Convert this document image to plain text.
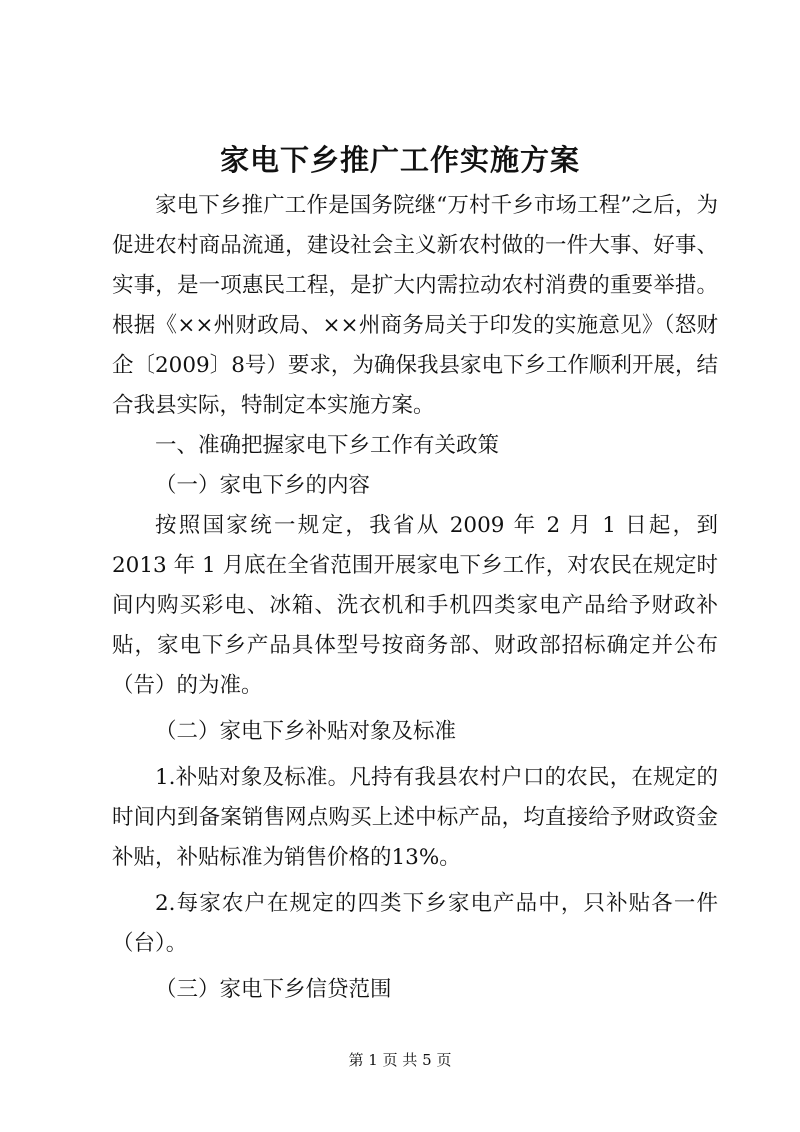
家电下乡推广工作实施方案

家电下乡推广工作是国务院继“万村千乡市场工程”之后，为促进农村商品流通，建设社会主义新农村做的一件大事、好事、实事，是一项惠民工程，是扩大内需拉动农村消费的重要举措。根据《××州财政局、××州商务局关于印发的实施意见》（怒财企〔2009〕8号）要求，为确保我县家电下乡工作顺利开展，结合我县实际，特制定本实施方案。

一、准确把握家电下乡工作有关政策

（一）家电下乡的内容

按照国家统一规定，我省从 2009 年 2 月 1 日起，到 2013 年 1 月底在全省范围开展家电下乡工作，对农民在规定时间内购买彩电、冰箱、洗衣机和手机四类家电产品给予财政补贴，家电下乡产品具体型号按商务部、财政部招标确定并公布（告）的为准。

（二）家电下乡补贴对象及标准

1.补贴对象及标准。凡持有我县农村户口的农民，在规定的时间内到备案销售网点购买上述中标产品，均直接给予财政资金补贴，补贴标准为销售价格的13%。

2.每家农户在规定的四类下乡家电产品中，只补贴各一件（台）。

（三）家电下乡信贷范围

第 1 页 共 5 页
